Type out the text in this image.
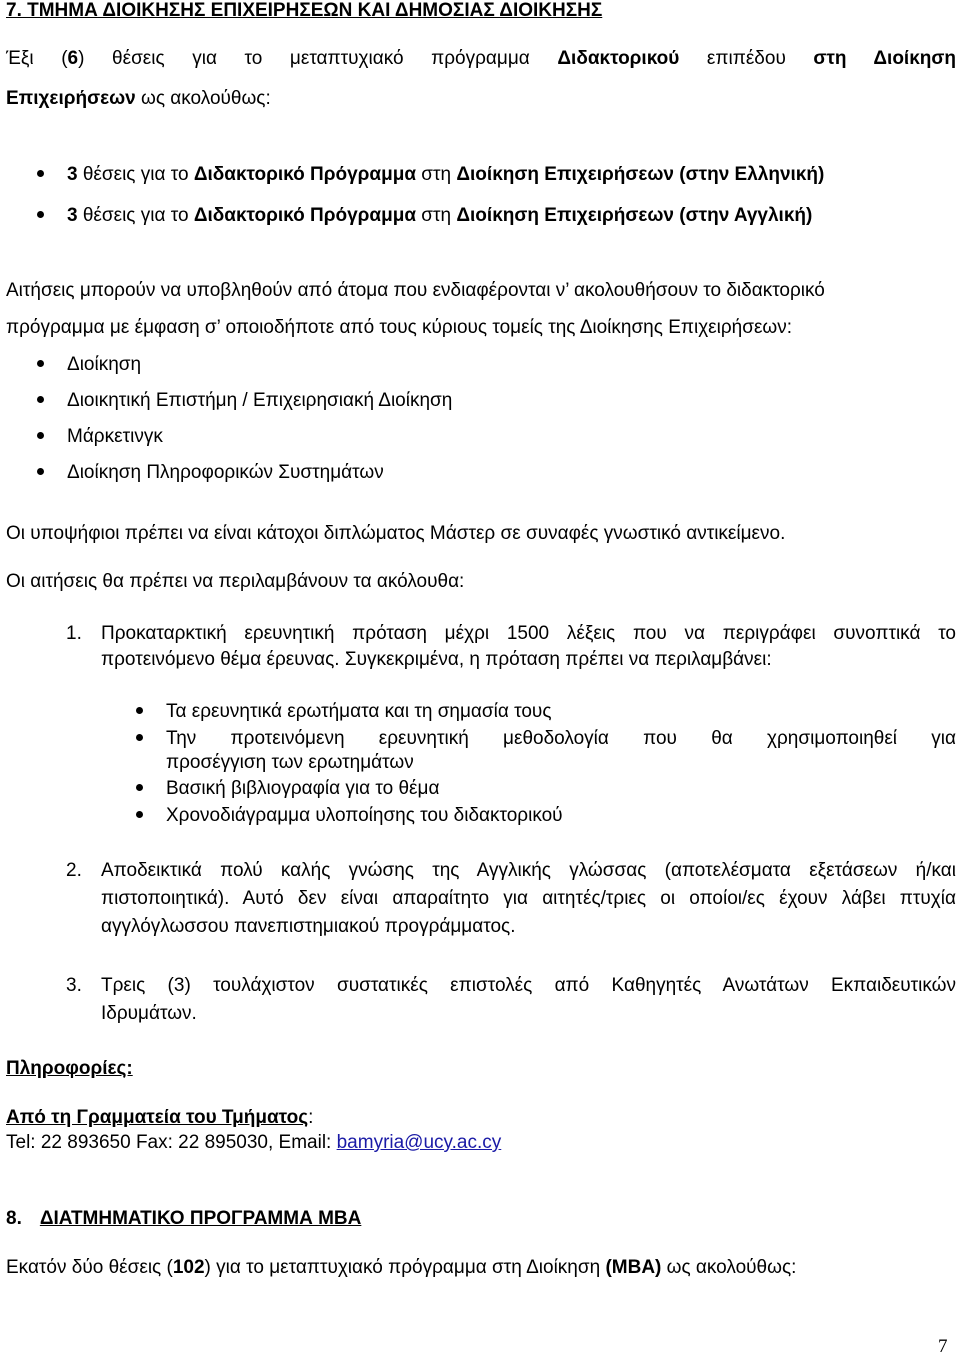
7. ΤΜΗΜΑ ΔΙΟΙΚΗΣΗΣ ΕΠΙΧΕΙΡΗΣΕΩΝ ΚΑΙ ΔΗΜΟΣΙΑΣ ΔΙΟΙΚΗΣΗΣ
Έξι (6) θέσεις για το μεταπτυχιακό πρόγραμμα Διδακτορικού επιπέδου στη Διοίκηση
Επιχειρήσεων ως ακολούθως:
3 θέσεις για το Διδακτορικό Πρόγραμμα στη Διοίκηση Επιχειρήσεων (στην Ελληνική)
3 θέσεις για το Διδακτορικό Πρόγραμμα στη Διοίκηση Επιχειρήσεων (στην Αγγλική)
Αιτήσεις μπορούν να υποβληθούν από άτομα που ενδιαφέρονται ν’ ακολουθήσουν το διδακτορικό
πρόγραμμα με έμφαση σ’ οποιοδήποτε από τους κύριους τομείς της Διοίκησης Επιχειρήσεων:
Διοίκηση
Διοικητική Επιστήμη / Επιχειρησιακή Διοίκηση
Μάρκετινγκ
Διοίκηση Πληροφορικών Συστημάτων
Οι υποψήφιοι πρέπει να είναι κάτοχοι διπλώματος Μάστερ σε συναφές γνωστικό αντικείμενο.
Οι αιτήσεις θα πρέπει να περιλαμβάνουν τα ακόλουθα:
1. Προκαταρκτική ερευνητική πρόταση μέχρι 1500 λέξεις που να περιγράφει συνοπτικά το
προτεινόμενο θέμα έρευνας. Συγκεκριμένα, η πρόταση πρέπει να περιλαμβάνει:
Τα ερευνητικά ερωτήματα και τη σημασία τους
Την προτεινόμενη ερευνητική μεθοδολογία που θα χρησιμοποιηθεί για
προσέγγιση των ερωτημάτων
Βασική βιβλιογραφία για το θέμα
Χρονοδιάγραμμα υλοποίησης του διδακτορικού
2. Αποδεικτικά πολύ καλής γνώσης της Αγγλικής γλώσσας (αποτελέσματα εξετάσεων ή/και
πιστοποιητικά). Αυτό δεν είναι απαραίτητο για αιτητές/τριες οι οποίοι/ες έχουν λάβει πτυχία
αγγλόγλωσσου πανεπιστημιακού προγράμματος.
3. Τρεις (3) τουλάχιστον συστατικές επιστολές από Καθηγητές Ανωτάτων Εκπαιδευτικών
Ιδρυμάτων.
Πληροφορίες:
Από τη Γραμματεία του Τμήματος:
Tel: 22 893650 Fax: 22 895030, Email: bamyria@ucy.ac.cy
8. ΔΙΑΤΜΗΜΑΤΙΚΟ ΠΡΟΓΡΑΜΜΑ MBA
Εκατόν δύο θέσεις (102) για το μεταπτυχιακό πρόγραμμα στη Διοίκηση (MBA) ως ακολούθως:
7
